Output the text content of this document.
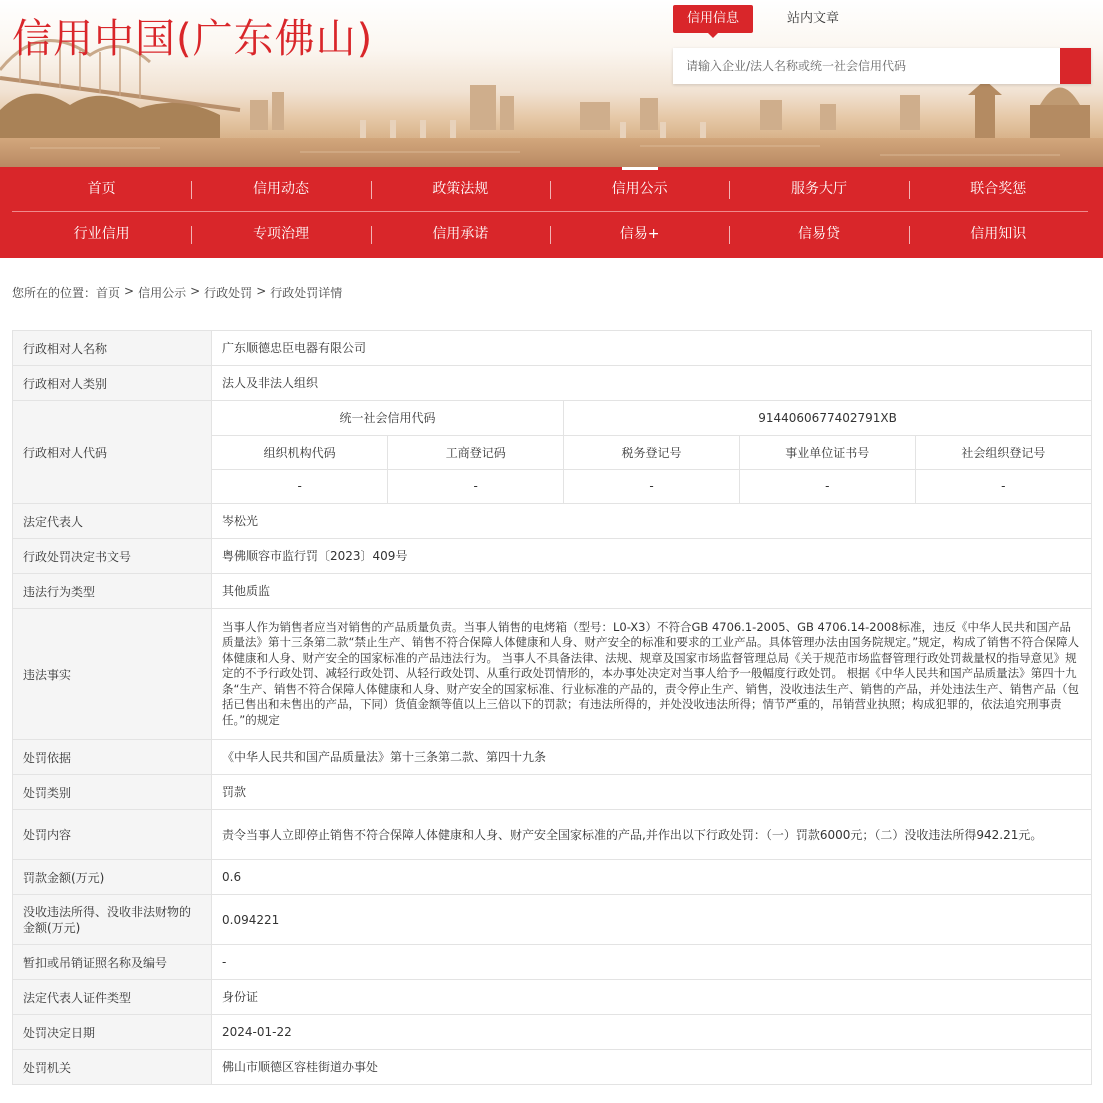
信用中国(广东佛山)	信用信息	站内文章
请输入企业/法人名称或统一社会信用代码
首页	信用动态	政策法规	信用公示	服务大厅	联合奖惩
行业信用	专项治理	信用承诺	信易+	信易贷	信用知识
您所在的位置： 首页 > 信用公示 > 行政处罚 > 行政处罚详情
行政相对人名称	广东顺德忠臣电器有限公司
行政相对人类别	法人及非法人组织
行政相对人代码	
统一社会信用代码	9144060677402791XB
组织机构代码	工商登记码	税务登记号	事业单位证书号	社会组织登记号
-	-	-	-	-

法定代表人	岑松光
行政处罚决定书文号	粤佛顺容市监行罚〔2023〕409号
违法行为类型	其他质监
违法事实	当事人作为销售者应当对销售的产品质量负责。当事人销售的电烤箱（型号：L0-X3）不符合GB 4706.1-2005、GB 4706.14-2008标准，违反《中华人民共和国产品质量法》第十三条第二款“禁止生产、销售不符合保障人体健康和人身、财产安全的标准和要求的工业产品。具体管理办法由国务院规定。”规定，构成了销售不符合保障人体健康和人身、财产安全的国家标准的产品违法行为。 当事人不具备法律、法规、规章及国家市场监督管理总局《关于规范市场监督管理行政处罚裁量权的指导意见》规定的不予行政处罚、减轻行政处罚、从轻行政处罚、从重行政处罚情形的，本办事处决定对当事人给予一般幅度行政处罚。 根据《中华人民共和国产品质量法》第四十九条“生产、销售不符合保障人体健康和人身、财产安全的国家标准、行业标准的产品的，责令停止生产、销售，没收违法生产、销售的产品，并处违法生产、销售产品（包括已售出和未售出的产品，下同）货值金额等值以上三倍以下的罚款；有违法所得的，并处没收违法所得；情节严重的，吊销营业执照；构成犯罪的，依法追究刑事责任。”的规定
处罚依据	《中华人民共和国产品质量法》第十三条第二款、第四十九条
处罚类别	罚款
处罚内容	责令当事人立即停止销售不符合保障人体健康和人身、财产安全国家标准的产品,并作出以下行政处罚：（一）罚款6000元；（二）没收违法所得942.21元。
罚款金额(万元)	0.6
没收违法所得、没收非法财物的金额(万元)	0.094221
暂扣或吊销证照名称及编号	-
法定代表人证件类型	身份证
处罚决定日期	2024-01-22
处罚机关	佛山市顺德区容桂街道办事处
